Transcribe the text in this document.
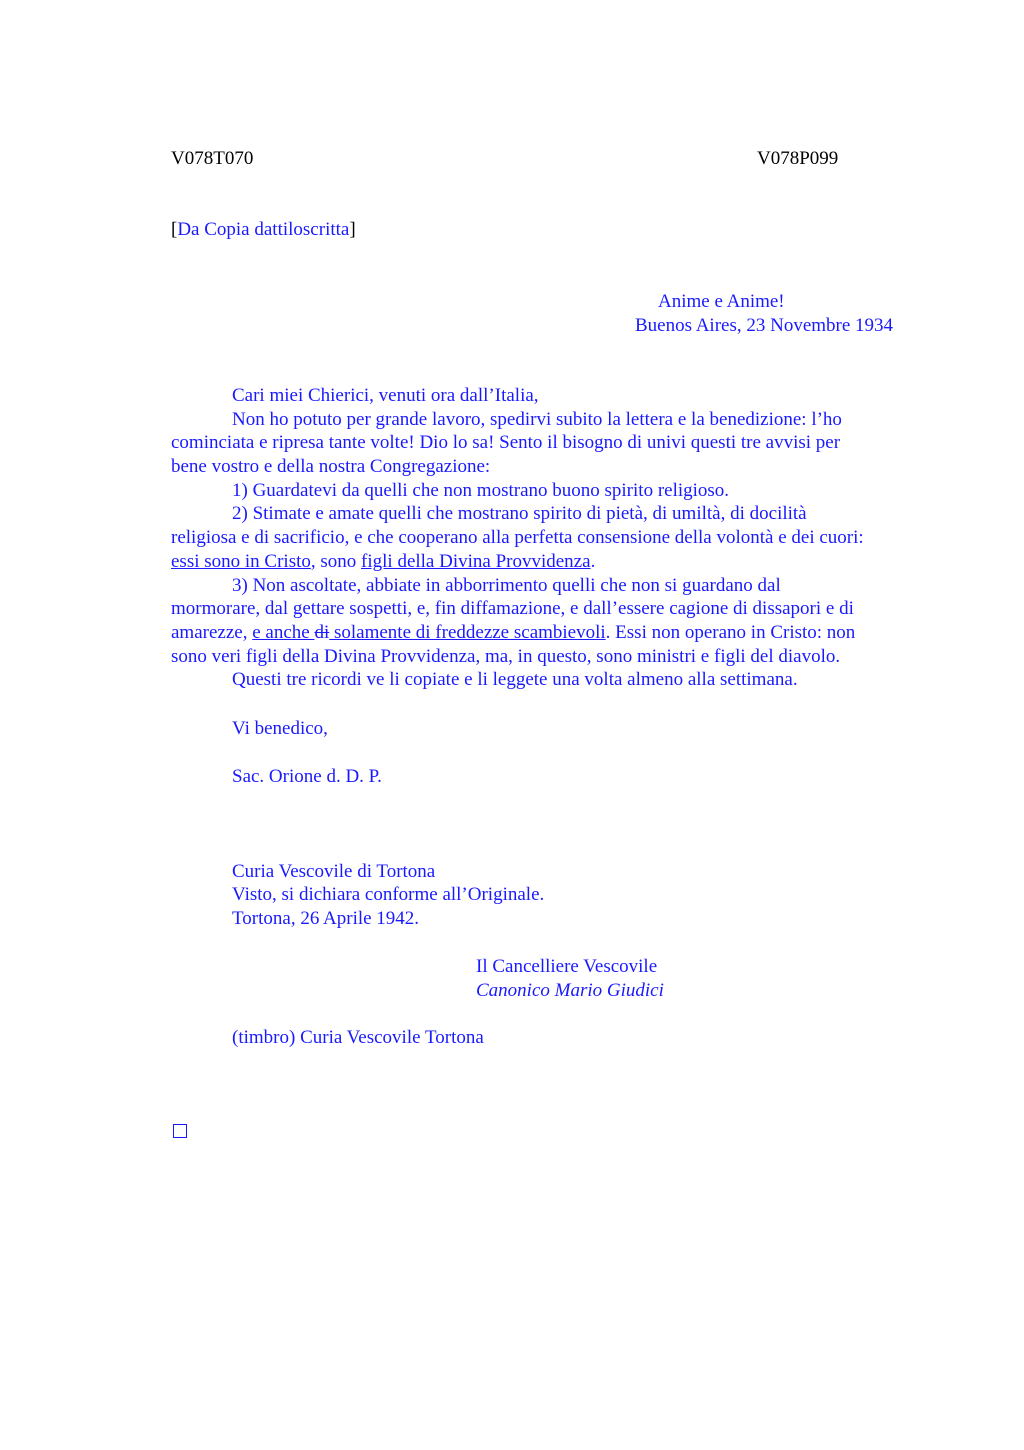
V078T070	V078P099
[Da Copia dattiloscritta]
Anime e Anime!
Buenos Aires, 23 Novembre 1934
Cari miei Chierici, venuti ora dall’Italia,
Non ho potuto per grande lavoro, spedirvi subito la lettera e la benedizione: l’ho
cominciata e ripresa tante volte! Dio lo sa! Sento il bisogno di univi questi tre avvisi per
bene vostro e della nostra Congregazione:
1) Guardatevi da quelli che non mostrano buono spirito religioso.
2) Stimate e amate quelli che mostrano spirito di pietà, di umiltà, di docilità
religiosa e di sacrificio, e che cooperano alla perfetta consensione della volontà e dei cuori:
essi sono in Cristo, sono figli della Divina Provvidenza.
3) Non ascoltate, abbiate in abborrimento quelli che non si guardano dal
mormorare, dal gettare sospetti, e, fin diffamazione, e dall’essere cagione di dissapori e di
amarezze, e anche di solamente di freddezze scambievoli. Essi non operano in Cristo: non
sono veri figli della Divina Provvidenza, ma, in questo, sono ministri e figli del diavolo.
Questi tre ricordi ve li copiate e li leggete una volta almeno alla settimana.
Vi benedico,
Sac. Orione d. D. P.
Curia Vescovile di Tortona
Visto, si dichiara conforme all’Originale.
Tortona, 26 Aprile 1942.
Il Cancelliere Vescovile
Canonico Mario Giudici
(timbro) Curia Vescovile Tortona
